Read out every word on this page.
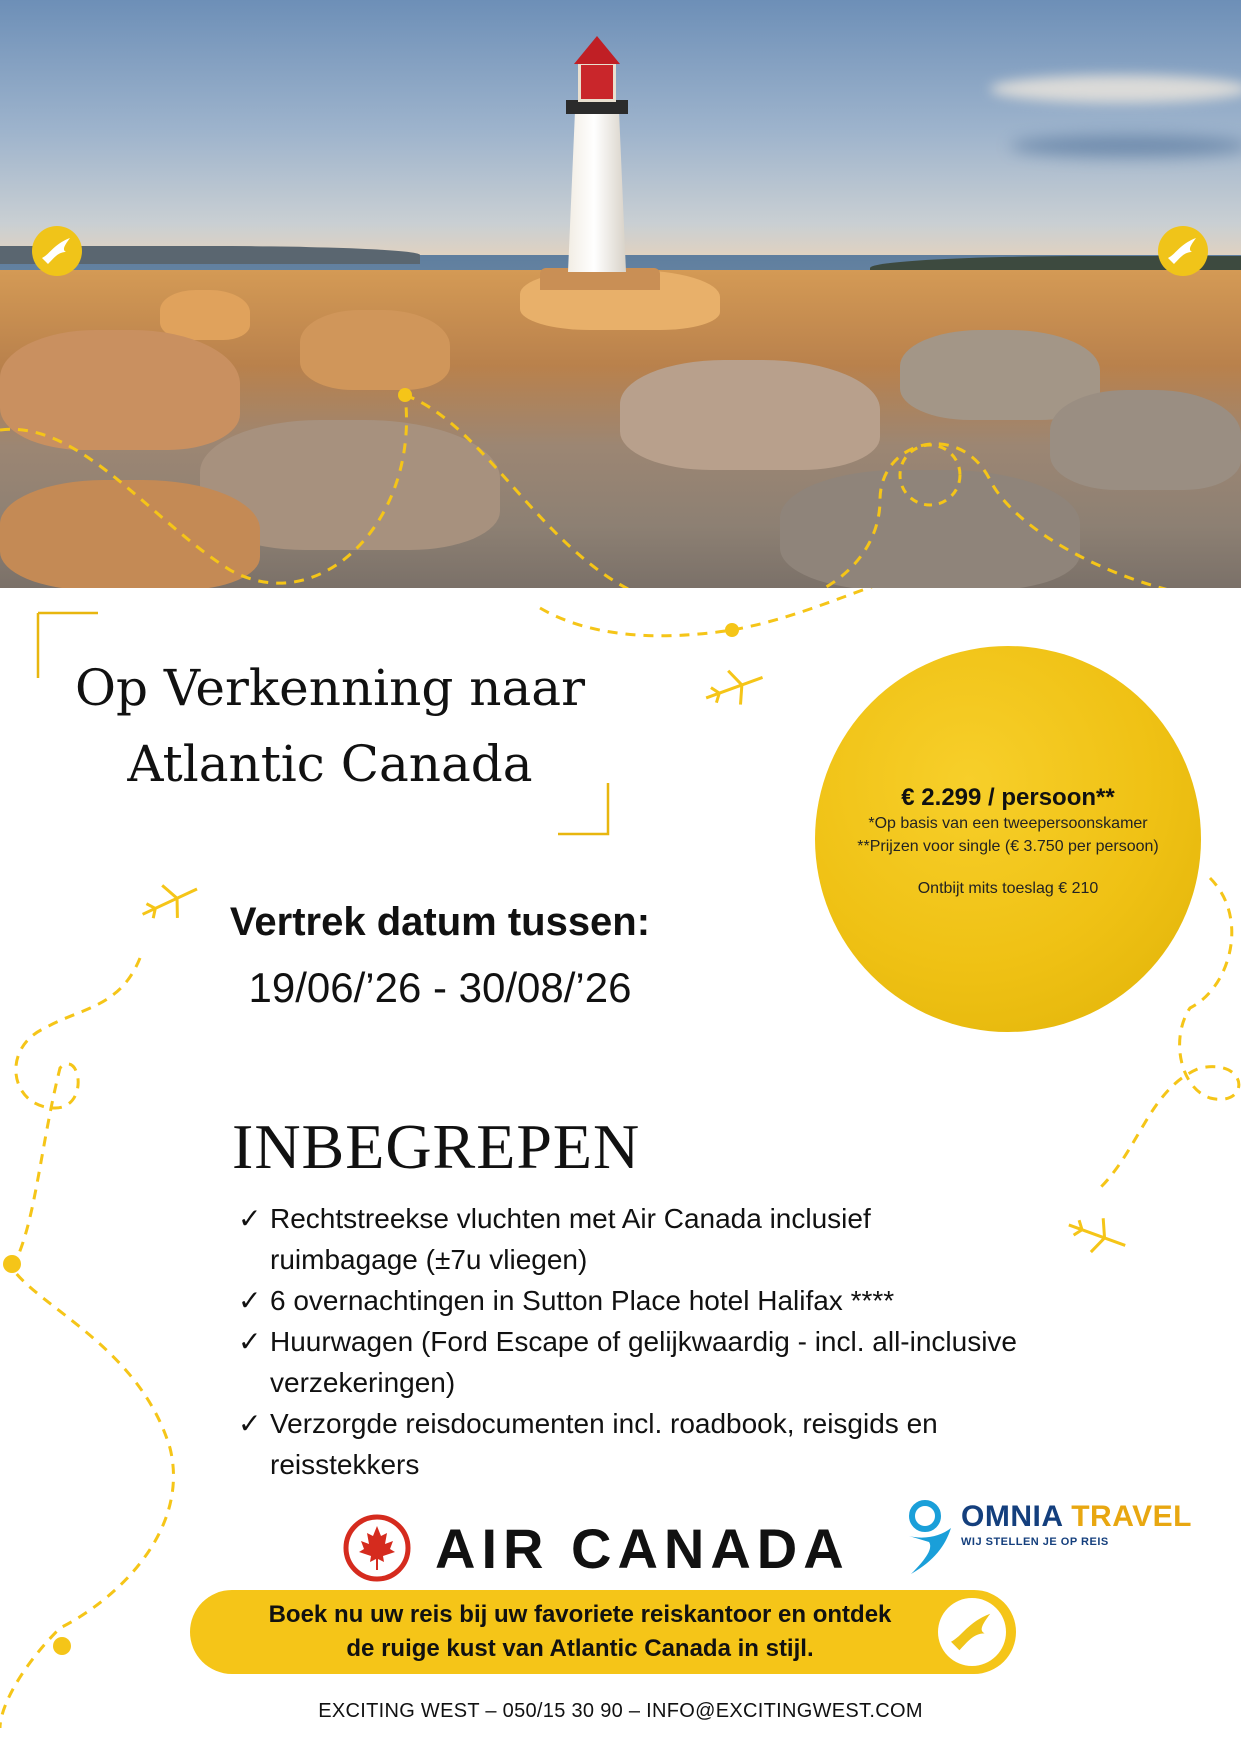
Op Verkenning naar
Atlantic Canada
Vertrek datum tussen:
19/06/’26 - 30/08/’26
€ 2.299 / persoon**
*Op basis van een tweepersoonskamer
**Prijzen voor single (€ 3.750 per persoon)
Ontbijt mits toeslag € 210
INBEGREPEN
✓ Rechtstreekse vluchten met Air Canada inclusief ruimbagage (±7u vliegen)
✓ 6 overnachtingen in Sutton Place hotel Halifax ****
✓ Huurwagen (Ford Escape of gelijkwaardig - incl. all-inclusive verzekeringen)
✓ Verzorgde reisdocumenten incl. roadbook, reisgids en reisstekkers
AIR CANADA	OMNIA TRAVEL
WIJ STELLEN JE OP REIS
Boek nu uw reis bij uw favoriete reiskantoor en ontdek
de ruige kust van Atlantic Canada in stijl.
EXCITING WEST – 050/15 30 90 – INFO@EXCITINGWEST.COM
